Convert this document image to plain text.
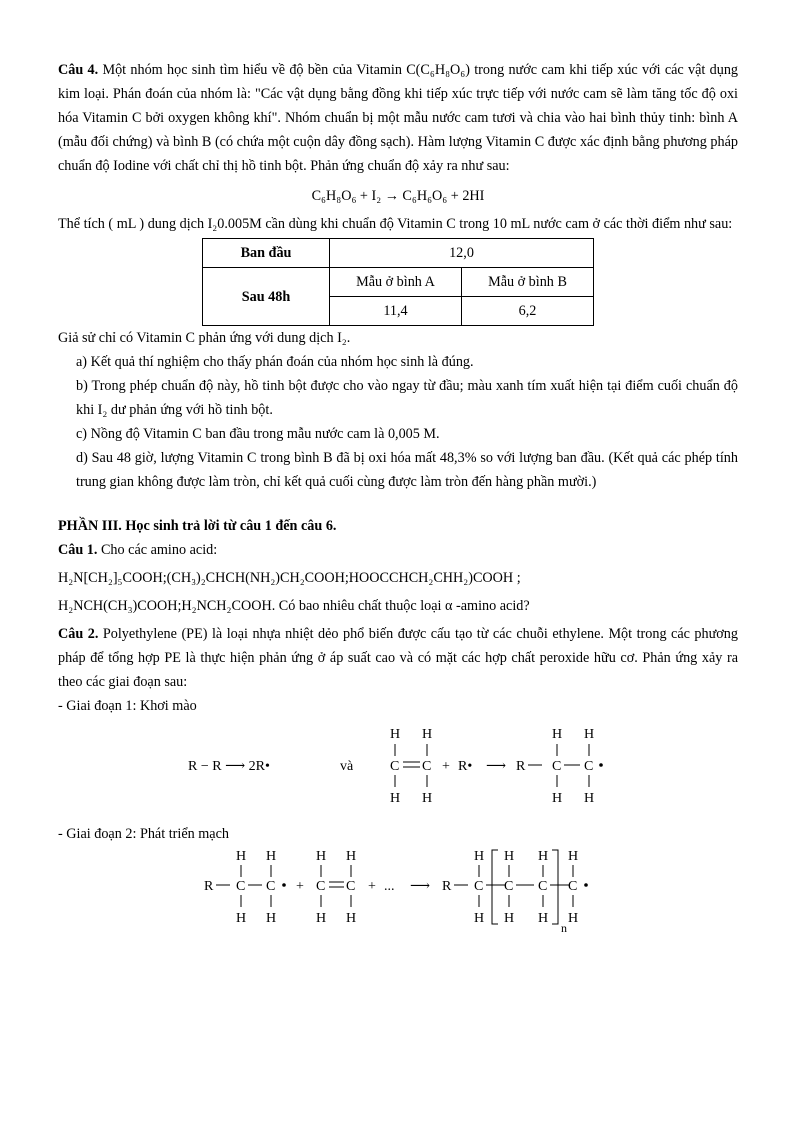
Câu 4. Một nhóm học sinh tìm hiểu về độ bền của Vitamin C(C₆H₈O₆) trong nước cam khi tiếp xúc với các vật dụng kim loại. Phán đoán của nhóm là: "Các vật dụng bằng đồng khi tiếp xúc trực tiếp với nước cam sẽ làm tăng tốc độ oxi hóa Vitamin C bởi oxygen không khí". Nhóm chuẩn bị một mẫu nước cam tươi và chia vào hai bình thủy tinh: bình A (mẫu đối chứng) và bình B (có chứa một cuộn dây đồng sạch). Hàm lượng Vitamin C được xác định bằng phương pháp chuẩn độ Iodine với chất chỉ thị hồ tinh bột. Phản ứng chuẩn độ xảy ra như sau:

C₆H₈O₆ + I₂ → C₆H₆O₆ + 2HI

Thể tích ( mL ) dung dịch I₂0.005M cần dùng khi chuẩn độ Vitamin C trong 10 mL nước cam ở các thời điểm như sau:

Ban đầu	12,0	
Sau 48h	Mẫu ở bình A	Mẫu ở bình B
	11,4	6,2

Giả sử chỉ có Vitamin C phản ứng với dung dịch I₂.

a) Kết quả thí nghiệm cho thấy phán đoán của nhóm học sinh là đúng.

b) Trong phép chuẩn độ này, hồ tinh bột được cho vào ngay từ đầu; màu xanh tím xuất hiện tại điểm cuối chuẩn độ khi I₂ dư phản ứng với hồ tinh bột.

c) Nồng độ Vitamin C ban đầu trong mẫu nước cam là 0,005 M.

d) Sau 48 giờ, lượng Vitamin C trong bình B đã bị oxi hóa mất 48,3% so với lượng ban đầu. (Kết quả các phép tính trung gian không được làm tròn, chỉ kết quả cuối cùng được làm tròn đến hàng phần mười.)

PHẦN III. Học sinh trả lời từ câu 1 đến câu 6.

Câu 1. Cho các amino acid:

H₂N[CH₂]₅COOH;(CH₃)₂CHCH(NH₂)CH₂COOH;HOOCCHCH₂CHH₂)COOH ;

H₂NCH(CH₃)COOH;H₂NCH₂COOH. Có bao nhiêu chất thuộc loại α -amino acid?

Câu 2. Polyethylene (PE) là loại nhựa nhiệt dẻo phổ biến được cấu tạo từ các chuỗi ethylene. Một trong các phương pháp để tổng hợp PE là thực hiện phản ứng ở áp suất cao và có mặt các hợp chất peroxide hữu cơ. Phản ứng xảy ra theo các giai đoạn sau:

- Giai đoạn 1: Khơi mào

R − R ⟶ 2R•	và
H H
C C
H H
+ R• ⟶ R
H H
C C
H H

- Giai đoạn 2: Phát triển mạch

R
H H
C C
H H
+
H H
C C
H H
+ ... ⟶ R
H
C
H
H H
C C
H H
n
H
C
H
